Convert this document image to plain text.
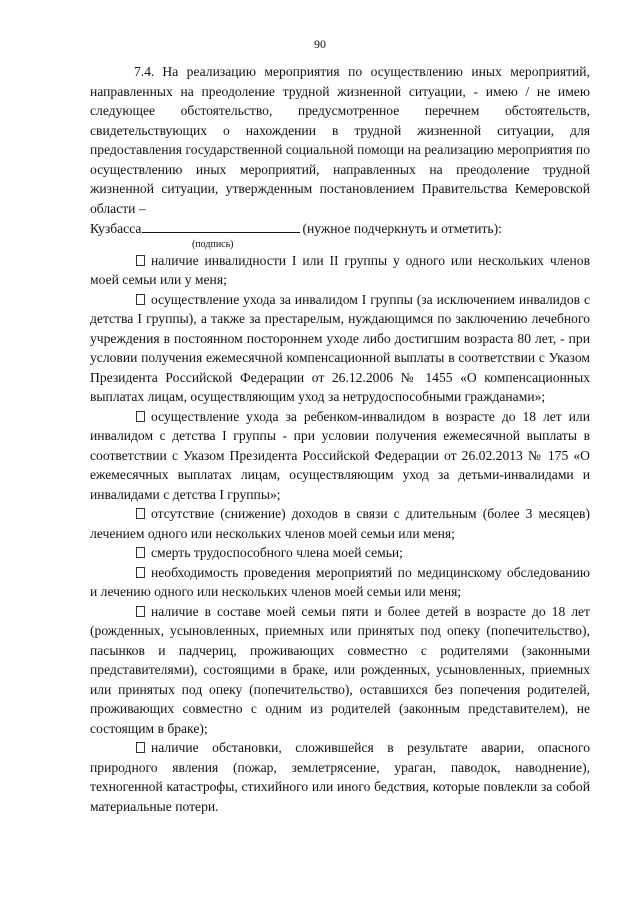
90

7.4. На реализацию мероприятия по осуществлению иных мероприятий, направленных на преодоление трудной жизненной ситуации, - имею / не имею следующее обстоятельство, предусмотренное перечнем обстоятельств, свидетельствующих о нахождении в трудной жизненной ситуации, для предоставления государственной социальной помощи на реализацию мероприятия по осуществлению иных мероприятий, направленных на преодоление трудной жизненной ситуации, утвержденным постановлением Правительства Кемеровской области –

Кузбасса	(нужное подчеркнуть и отметить):

(подпись)

наличие инвалидности I или II группы у одного или нескольких членов моей семьи или у меня;

осуществление ухода за инвалидом I группы (за исключением инвалидов с детства I группы), а также за престарелым, нуждающимся по заключению лечебного учреждения в постоянном постороннем уходе либо достигшим возраста 80 лет, - при условии получения ежемесячной компенсационной выплаты в соответствии с Указом Президента Российской Федерации от 26.12.2006 № 1455 «О компенсационных выплатах лицам, осуществляющим уход за нетрудоспособными гражданами»;

осуществление ухода за ребенком-инвалидом в возрасте до 18 лет или инвалидом с детства I группы - при условии получения ежемесячной выплаты в соответствии с Указом Президента Российской Федерации от 26.02.2013 № 175 «О ежемесячных выплатах лицам, осуществляющим уход за детьми-инвалидами и инвалидами с детства I группы»;

отсутствие (снижение) доходов в связи с длительным (более 3 месяцев) лечением одного или нескольких членов моей семьи или меня;

смерть трудоспособного члена моей семьи;

необходимость проведения мероприятий по медицинскому обследованию и лечению одного или нескольких членов моей семьи или меня;

наличие в составе моей семьи пяти и более детей в возрасте до 18 лет (рожденных, усыновленных, приемных или принятых под опеку (попечительство), пасынков и падчериц, проживающих совместно с родителями (законными представителями), состоящими в браке, или рожденных, усыновленных, приемных или принятых под опеку (попечительство), оставшихся без попечения родителей, проживающих совместно с одним из родителей (законным представителем), не состоящим в браке);

наличие обстановки, сложившейся в результате аварии, опасного природного явления (пожар, землетрясение, ураган, паводок, наводнение), техногенной катастрофы, стихийного или иного бедствия, которые повлекли за собой материальные потери.
